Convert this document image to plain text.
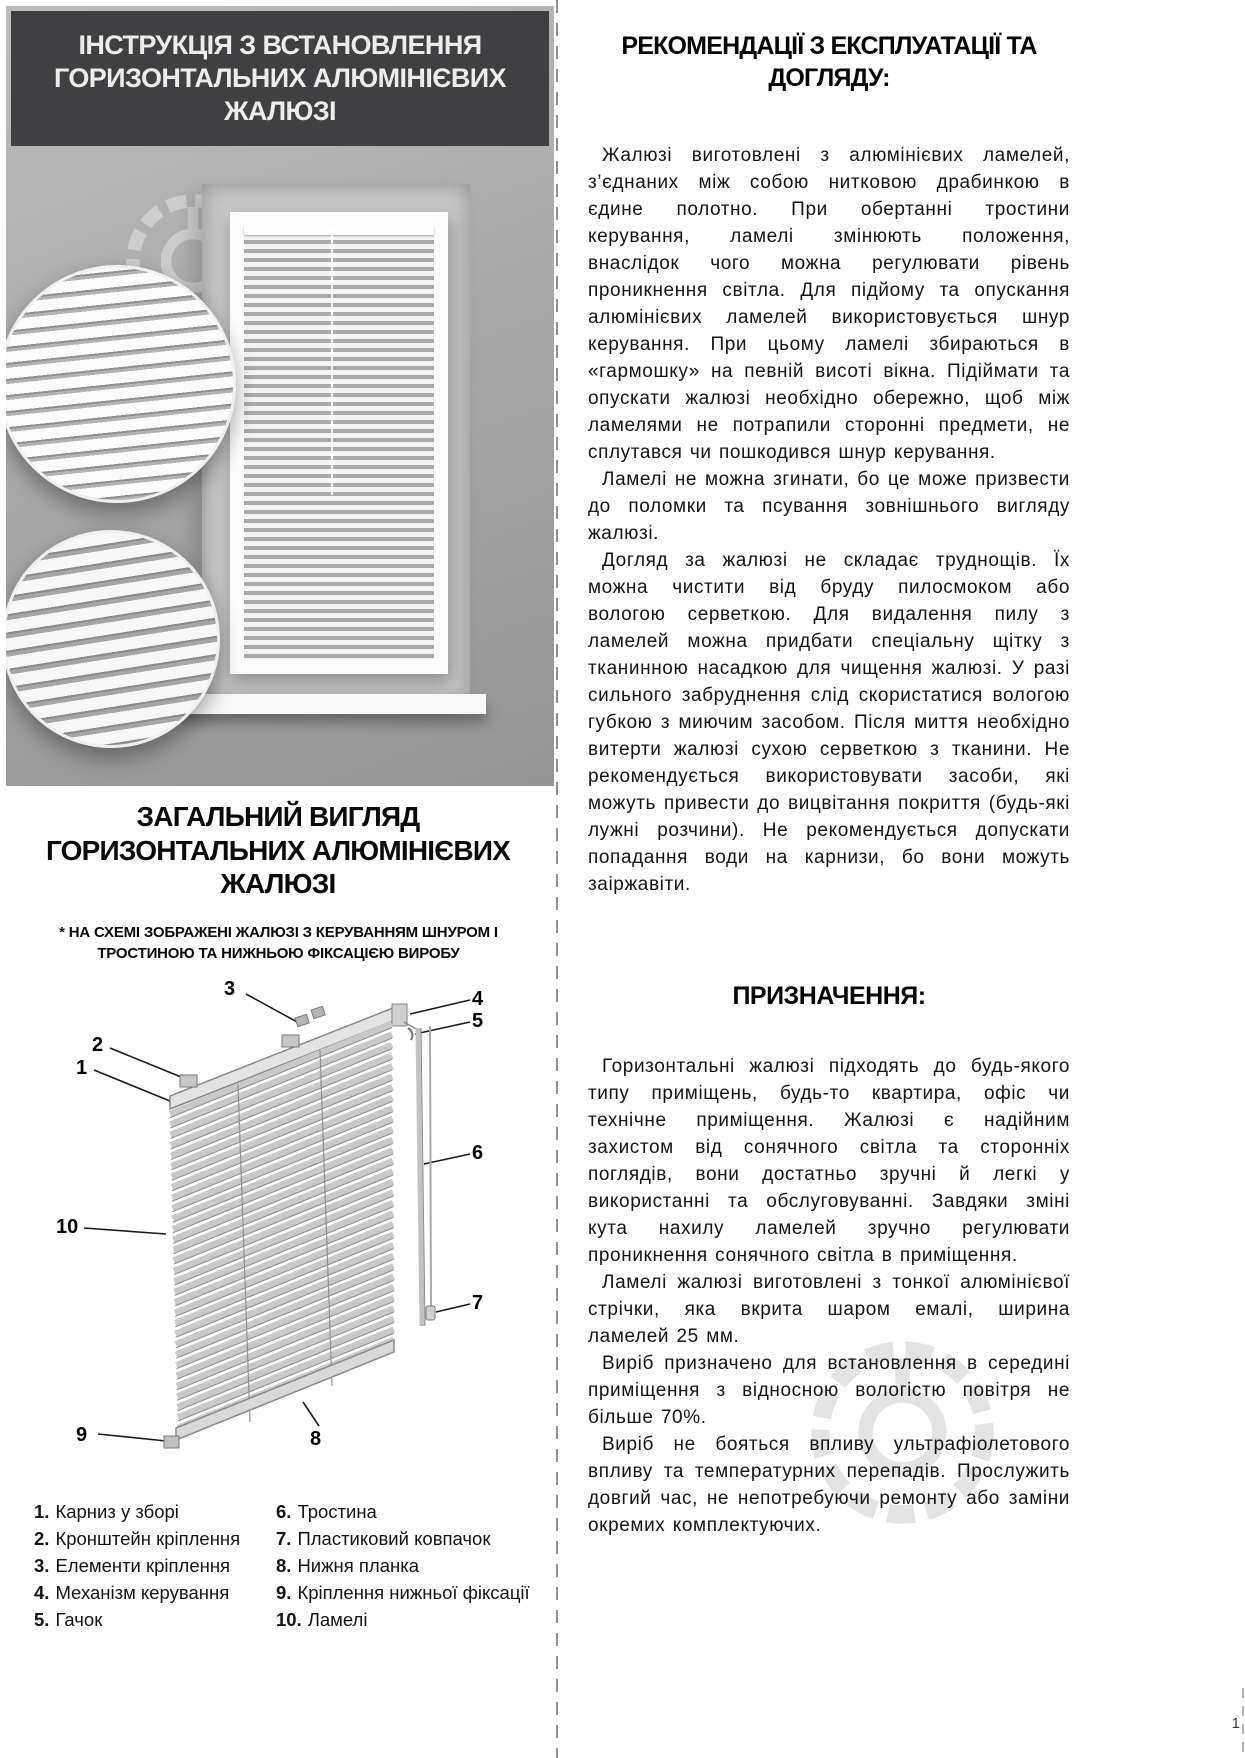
ІНСТРУКЦІЯ З ВСТАНОВЛЕННЯ ГОРИЗОНТАЛЬНИХ АЛЮМІНІЄВИХ ЖАЛЮЗІ
ЗАГАЛЬНИЙ ВИГЛЯД ГОРИЗОНТАЛЬНИХ АЛЮМІНІЄВИХ ЖАЛЮЗІ

* НА СХЕМІ ЗОБРАЖЕНІ ЖАЛЮЗІ З КЕРУВАННЯМ ШНУРОМ І ТРОСТИНОЮ ТА НИЖНЬОЮ ФІКСАЦІЄЮ ВИРОБУ

1
2
3	4
5
6
7
8
9
10
1. Карниз у зборі
2. Кронштейн кріплення
3. Елементи кріплення
4. Механізм керування
5. Гачок
6. Тростина
7. Пластиковий ковпачок
8. Нижня планка
9. Кріплення нижньої фіксації
10. Ламелі
РЕКОМЕНДАЦІЇ З ЕКСПЛУАТАЦІЇ ТА ДОГЛЯДУ:

Жалюзі виготовлені з алюмінієвих ламелей, з’єднаних між собою нитковою драбинкою в єдине полотно. При обертанні тростини керування, ламелі змінюють положення, внаслідок чого можна регулювати рівень проникнення світла. Для підйому та опускання алюмінієвих ламелей використовується шнур керування. При цьому ламелі збираються в «гармошку» на певній висоті вікна. Підіймати та опускати жалюзі необхідно обережно, щоб між ламелями не потрапили сторонні предмети, не сплутався чи пошкодився шнур керування.

Ламелі не можна згинати, бо це може призвести до поломки та псування зовнішнього вигляду жалюзі.

Догляд за жалюзі не складає труднощів. Їх можна чистити від бруду пилосмоком або вологою серветкою. Для видалення пилу з ламелей можна придбати спеціальну щітку з тканинною насадкою для чищення жалюзі. У разі сильного забруднення слід скористатися вологою губкою з миючим засобом. Після миття необхідно витерти жалюзі сухою серветкою з тканини. Не рекомендується використовувати засоби, які можуть привести до вицвітання покриття (будь-які лужні розчини). Не рекомендується допускати попадання води на карнизи, бо вони можуть заіржавіти.

ПРИЗНАЧЕННЯ:

Горизонтальні жалюзі підходять до будь-якого типу приміщень, будь-то квартира, офіс чи технічне приміщення. Жалюзі є надійним захистом від сонячного світла та сторонніх поглядів, вони достатньо зручні й легкі у використанні та обслуговуванні. Завдяки зміні кута нахилу ламелей зручно регулювати проникнення сонячного світла в приміщення.

Ламелі жалюзі виготовлені з тонкої алюмінієвої стрічки, яка вкрита шаром емалі, ширина ламелей 25 мм.

Виріб призначено для встановлення в середині приміщення з відносною вологістю повітря не більше 70%.

Виріб не бояться впливу ультрафіолетового впливу та температурних перепадів. Прослужить довгий час, не непотребуючи ремонту або заміни окремих комплектуючих.

1
